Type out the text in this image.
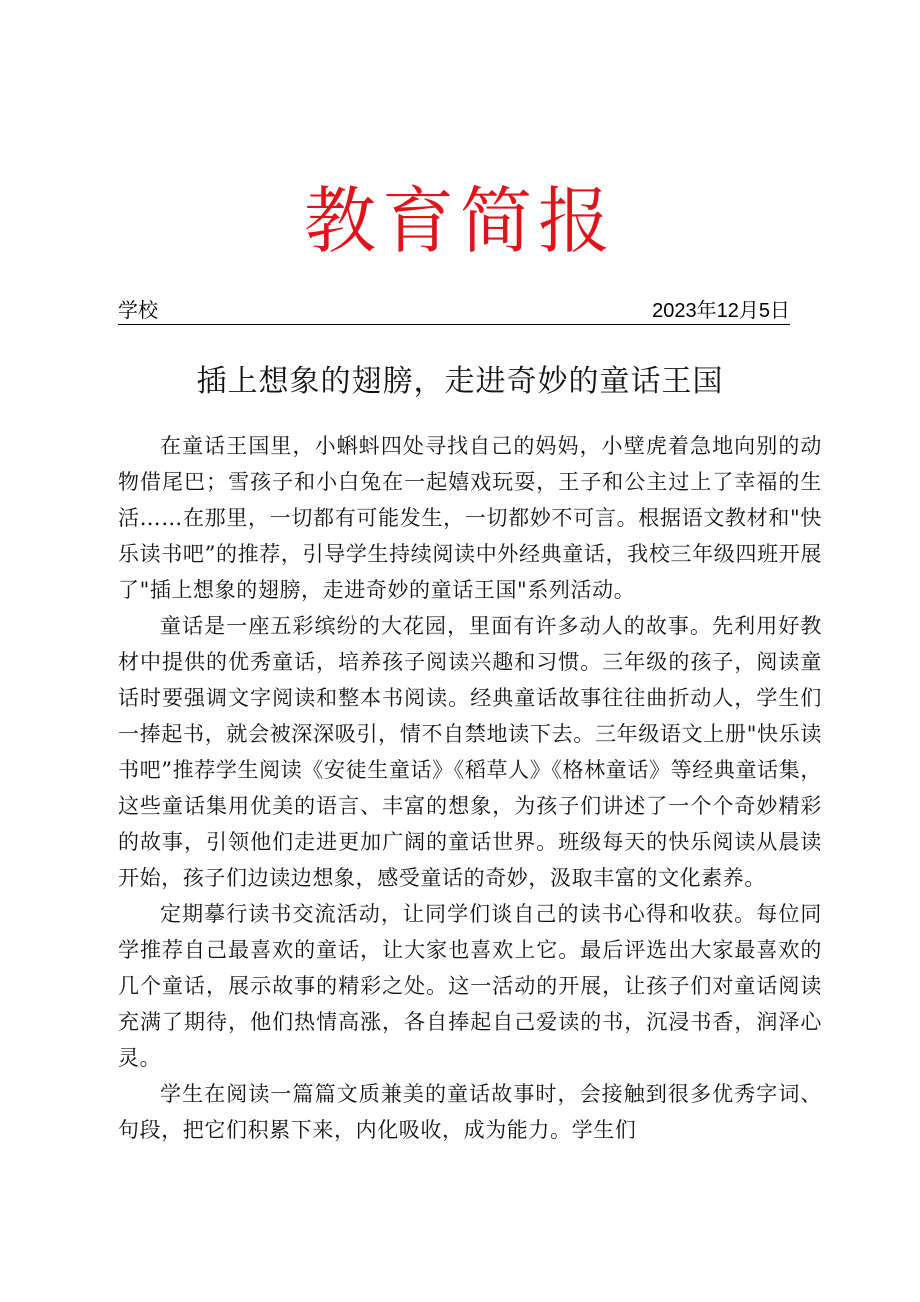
教育简报
学校	2023年12月5日
插上想象的翅膀，走进奇妙的童话王国

在童话王国里，小蝌蚪四处寻找自己的妈妈，小壁虎着急地向别的动物借尾巴；雪孩子和小白兔在一起嬉戏玩耍，王子和公主过上了幸福的生活……在那里，一切都有可能发生，一切都妙不可言。根据语文教材和"快乐读书吧”的推荐，引导学生持续阅读中外经典童话，我校三年级四班开展了"插上想象的翅膀，走进奇妙的童话王国"系列活动。

童话是一座五彩缤纷的大花园，里面有许多动人的故事。先利用好教材中提供的优秀童话，培养孩子阅读兴趣和习惯。三年级的孩子，阅读童话时要强调文字阅读和整本书阅读。经典童话故事往往曲折动人，学生们一捧起书，就会被深深吸引，情不自禁地读下去。三年级语文上册"快乐读书吧”推荐学生阅读《安徒生童话》《稻草人》《格林童话》等经典童话集，这些童话集用优美的语言、丰富的想象，为孩子们讲述了一个个奇妙精彩的故事，引领他们走进更加广阔的童话世界。班级每天的快乐阅读从晨读开始，孩子们边读边想象，感受童话的奇妙，汲取丰富的文化素养。

定期摹行读书交流活动，让同学们谈自己的读书心得和收获。每位同学推荐自己最喜欢的童话，让大家也喜欢上它。最后评选出大家最喜欢的几个童话，展示故事的精彩之处。这一活动的开展，让孩子们对童话阅读充满了期待，他们热情高涨，各自捧起自己爱读的书，沉浸书香，润泽心灵。

学生在阅读一篇篇文质兼美的童话故事时，会接触到很多优秀字词、句段，把它们积累下来，内化吸收，成为能力。学生们
